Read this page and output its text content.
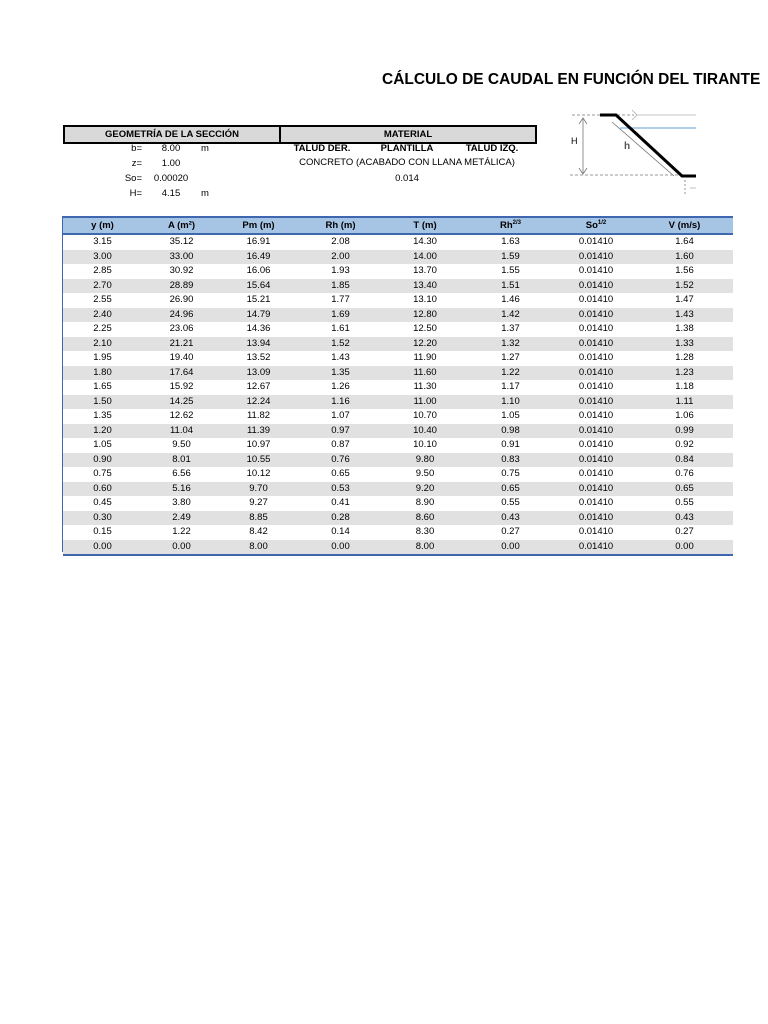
CÁLCULO DE CAUDAL EN FUNCIÓN DEL TIRANTE
GEOMETRÍA DE LA SECCIÓN	MATERIAL
b=	8.00	m
z=	1.00
So=	0.00020
H=	4.15	m
TALUD DER.	PLANTILLA	TALUD IZQ.
CONCRETO (ACABADO CON LLANA METÁLICA)
0.014
H	h
y (m)	A (m²)	Pm (m)	Rh (m)	T (m)	$Rh^{2/3}$	$So^{1/2}$	V (m/s)
3.15	35.12	16.91	2.08	14.30	1.63	0.01410	1.64
3.00	33.00	16.49	2.00	14.00	1.59	0.01410	1.60
2.85	30.92	16.06	1.93	13.70	1.55	0.01410	1.56
2.70	28.89	15.64	1.85	13.40	1.51	0.01410	1.52
2.55	26.90	15.21	1.77	13.10	1.46	0.01410	1.47
2.40	24.96	14.79	1.69	12.80	1.42	0.01410	1.43
2.25	23.06	14.36	1.61	12.50	1.37	0.01410	1.38
2.10	21.21	13.94	1.52	12.20	1.32	0.01410	1.33
1.95	19.40	13.52	1.43	11.90	1.27	0.01410	1.28
1.80	17.64	13.09	1.35	11.60	1.22	0.01410	1.23
1.65	15.92	12.67	1.26	11.30	1.17	0.01410	1.18
1.50	14.25	12.24	1.16	11.00	1.10	0.01410	1.11
1.35	12.62	11.82	1.07	10.70	1.05	0.01410	1.06
1.20	11.04	11.39	0.97	10.40	0.98	0.01410	0.99
1.05	9.50	10.97	0.87	10.10	0.91	0.01410	0.92
0.90	8.01	10.55	0.76	9.80	0.83	0.01410	0.84
0.75	6.56	10.12	0.65	9.50	0.75	0.01410	0.76
0.60	5.16	9.70	0.53	9.20	0.65	0.01410	0.65
0.45	3.80	9.27	0.41	8.90	0.55	0.01410	0.55
0.30	2.49	8.85	0.28	8.60	0.43	0.01410	0.43
0.15	1.22	8.42	0.14	8.30	0.27	0.01410	0.27
0.00	0.00	8.00	0.00	8.00	0.00	0.01410	0.00
